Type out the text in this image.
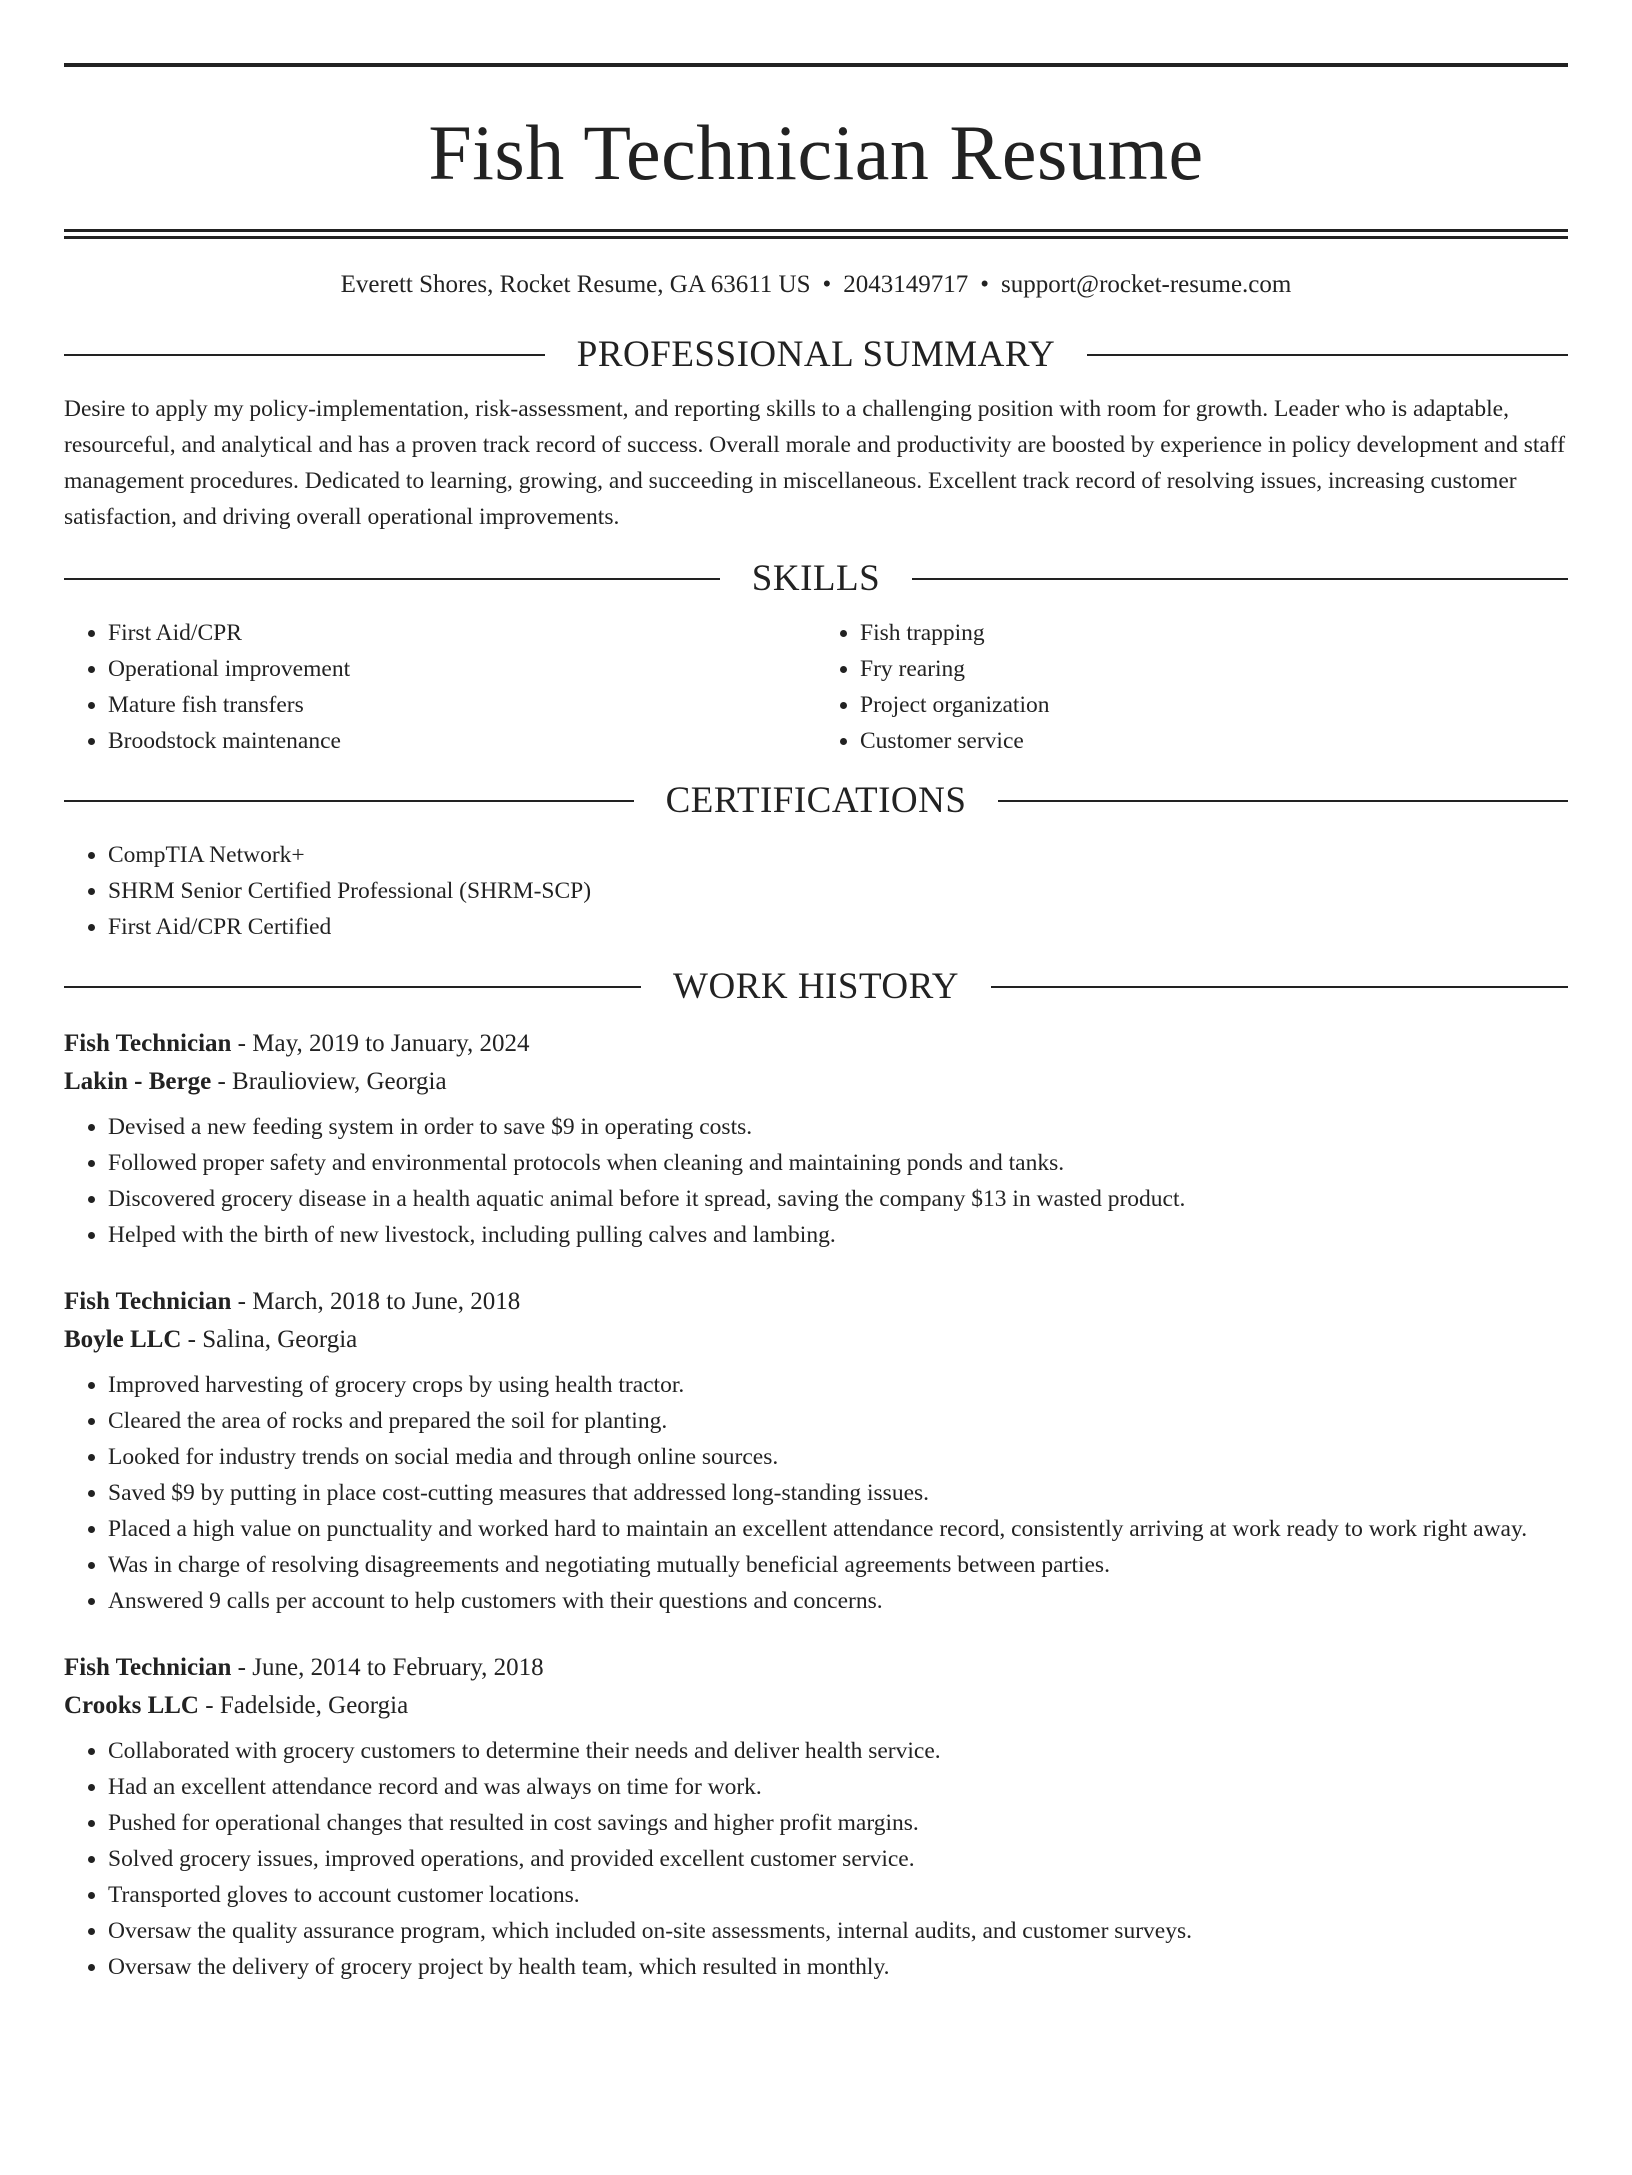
Fish Technician Resume
Everett Shores, Rocket Resume, GA 63611 US • 2043149717 • support@rocket-resume.com
PROFESSIONAL SUMMARY

Desire to apply my policy-implementation, risk-assessment, and reporting skills to a challenging position with room for growth. Leader who is adaptable, resourceful, and analytical and has a proven track record of success. Overall morale and productivity are boosted by experience in policy development and staff management procedures. Dedicated to learning, growing, and succeeding in miscellaneous. Excellent track record of resolving issues, increasing customer satisfaction, and driving overall operational improvements.

SKILLS
• First Aid/CPR
• Operational improvement
• Mature fish transfers
• Broodstock maintenance
• Fish trapping
• Fry rearing
• Project organization
• Customer service
CERTIFICATIONS
• CompTIA Network+
• SHRM Senior Certified Professional (SHRM-SCP)
• First Aid/CPR Certified
WORK HISTORY
Fish Technician - May, 2019 to January, 2024
Lakin - Berge - Braulioview, Georgia
• Devised a new feeding system in order to save $9 in operating costs.
• Followed proper safety and environmental protocols when cleaning and maintaining ponds and tanks.
• Discovered grocery disease in a health aquatic animal before it spread, saving the company $13 in wasted product.
• Helped with the birth of new livestock, including pulling calves and lambing.
Fish Technician - March, 2018 to June, 2018
Boyle LLC - Salina, Georgia
• Improved harvesting of grocery crops by using health tractor.
• Cleared the area of rocks and prepared the soil for planting.
• Looked for industry trends on social media and through online sources.
• Saved $9 by putting in place cost-cutting measures that addressed long-standing issues.
• Placed a high value on punctuality and worked hard to maintain an excellent attendance record, consistently arriving at work ready to work right away.
• Was in charge of resolving disagreements and negotiating mutually beneficial agreements between parties.
• Answered 9 calls per account to help customers with their questions and concerns.
Fish Technician - June, 2014 to February, 2018
Crooks LLC - Fadelside, Georgia
• Collaborated with grocery customers to determine their needs and deliver health service.
• Had an excellent attendance record and was always on time for work.
• Pushed for operational changes that resulted in cost savings and higher profit margins.
• Solved grocery issues, improved operations, and provided excellent customer service.
• Transported gloves to account customer locations.
• Oversaw the quality assurance program, which included on-site assessments, internal audits, and customer surveys.
• Oversaw the delivery of grocery project by health team, which resulted in monthly.
